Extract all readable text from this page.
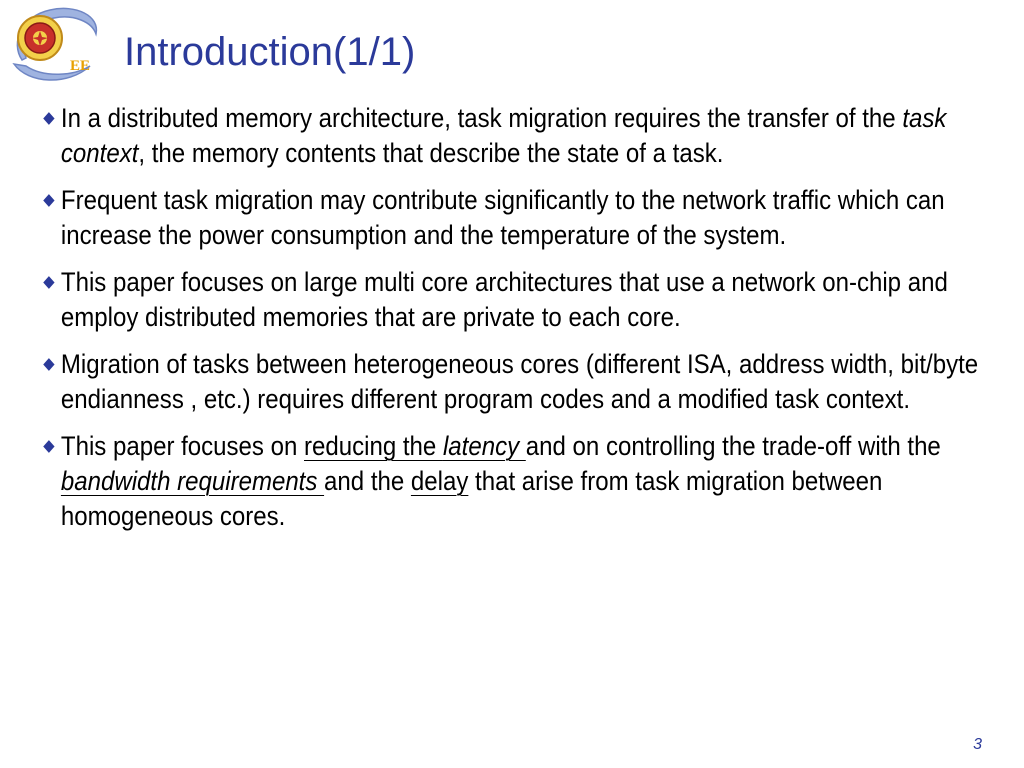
EE Introduction(1/1)
In a distributed memory architecture, task migration requires the transfer of the task context, the memory contents that describe the state of a task.
Frequent task migration may contribute significantly to the network traffic which can increase the power consumption and the temperature of the system.
This paper focuses on large multi core architectures that use a network on-chip and employ distributed memories that are private to each core.
Migration of tasks between heterogeneous cores (different ISA, address width, bit/byte endianness , etc.) requires different program codes and a modified task context.
This paper focuses on reducing the latency and on controlling the trade-off with the bandwidth requirements and the delay that arise from task migration between homogeneous cores.
3
